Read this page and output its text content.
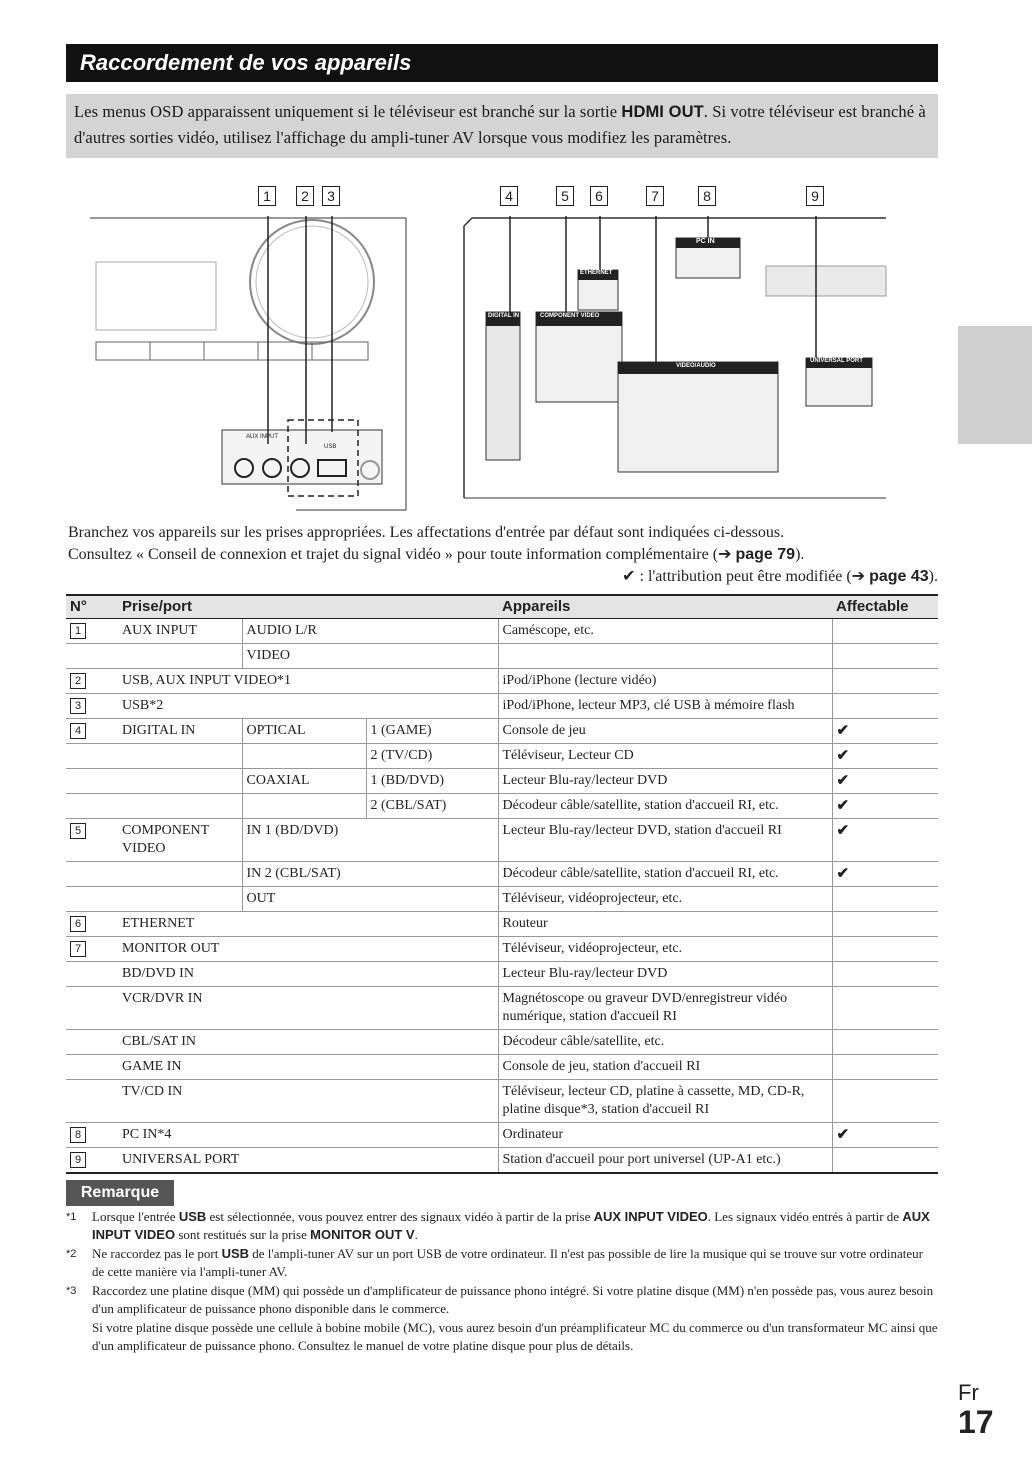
Raccordement de vos appareils
Les menus OSD apparaissent uniquement si le téléviseur est branché sur la sortie HDMI OUT. Si votre téléviseur est branché à d'autres sorties vidéo, utilisez l'affichage du ampli-tuner AV lorsque vous modifiez les paramètres.
1	2	3	4	5	6	7	8	9
AUX INPUT
USB
DIGITAL IN	COMPONENT VIDEO
ETHERNET
PC IN
VIDEO/AUDIO
UNIVERSAL PORT
Branchez vos appareils sur les prises appropriées. Les affectations d'entrée par défaut sont indiquées ci-dessous.
Consultez « Conseil de connexion et trajet du signal vidéo » pour toute information complémentaire (➔ page 79).
✔ : l'attribution peut être modifiée (➔ page 43).
N°	Prise/port			Appareils	Affectable
1	AUX INPUT	AUDIO L/R		Caméscope, etc.	
		VIDEO			
2	USB, AUX INPUT VIDEO*1			iPod/iPhone (lecture vidéo)	
3	USB*2			iPod/iPhone, lecteur MP3, clé USB à mémoire flash	
4	DIGITAL IN	OPTICAL	1 (GAME)	Console de jeu	✔
			2 (TV/CD)	Téléviseur, Lecteur CD	✔
		COAXIAL	1 (BD/DVD)	Lecteur Blu-ray/lecteur DVD	✔
			2 (CBL/SAT)	Décodeur câble/satellite, station d'accueil RI, etc.	✔
5	COMPONENT VIDEO	IN 1 (BD/DVD)		Lecteur Blu-ray/lecteur DVD, station d'accueil RI	✔
		IN 2 (CBL/SAT)		Décodeur câble/satellite, station d'accueil RI, etc.	✔
		OUT		Téléviseur, vidéoprojecteur, etc.	
6	ETHERNET			Routeur	
7	MONITOR OUT			Téléviseur, vidéoprojecteur, etc.	
	BD/DVD IN			Lecteur Blu-ray/lecteur DVD	
	VCR/DVR IN			Magnétoscope ou graveur DVD/enregistreur vidéo numérique, station d'accueil RI	
	CBL/SAT IN			Décodeur câble/satellite, etc.	
	GAME IN			Console de jeu, station d'accueil RI	
	TV/CD IN			Téléviseur, lecteur CD, platine à cassette, MD, CD-R, platine disque*3, station d'accueil RI	
8	PC IN*4			Ordinateur	✔
9	UNIVERSAL PORT			Station d'accueil pour port universel (UP-A1 etc.)	
Remarque
*1	Lorsque l'entrée USB est sélectionnée, vous pouvez entrer des signaux vidéo à partir de la prise AUX INPUT VIDEO. Les signaux vidéo entrés à partir de AUX INPUT VIDEO sont restitués sur la prise MONITOR OUT V.
*2	Ne raccordez pas le port USB de l'ampli-tuner AV sur un port USB de votre ordinateur. Il n'est pas possible de lire la musique qui se trouve sur votre ordinateur de cette manière via l'ampli-tuner AV.
*3	Raccordez une platine disque (MM) qui possède un d'amplificateur de puissance phono intégré. Si votre platine disque (MM) n'en possède pas, vous aurez besoin d'un amplificateur de puissance phono disponible dans le commerce.
Si votre platine disque possède une cellule à bobine mobile (MC), vous aurez besoin d'un préamplificateur MC du commerce ou d'un transformateur MC ainsi que d'un amplificateur de puissance phono. Consultez le manuel de votre platine disque pour plus de détails.
Fr
17
